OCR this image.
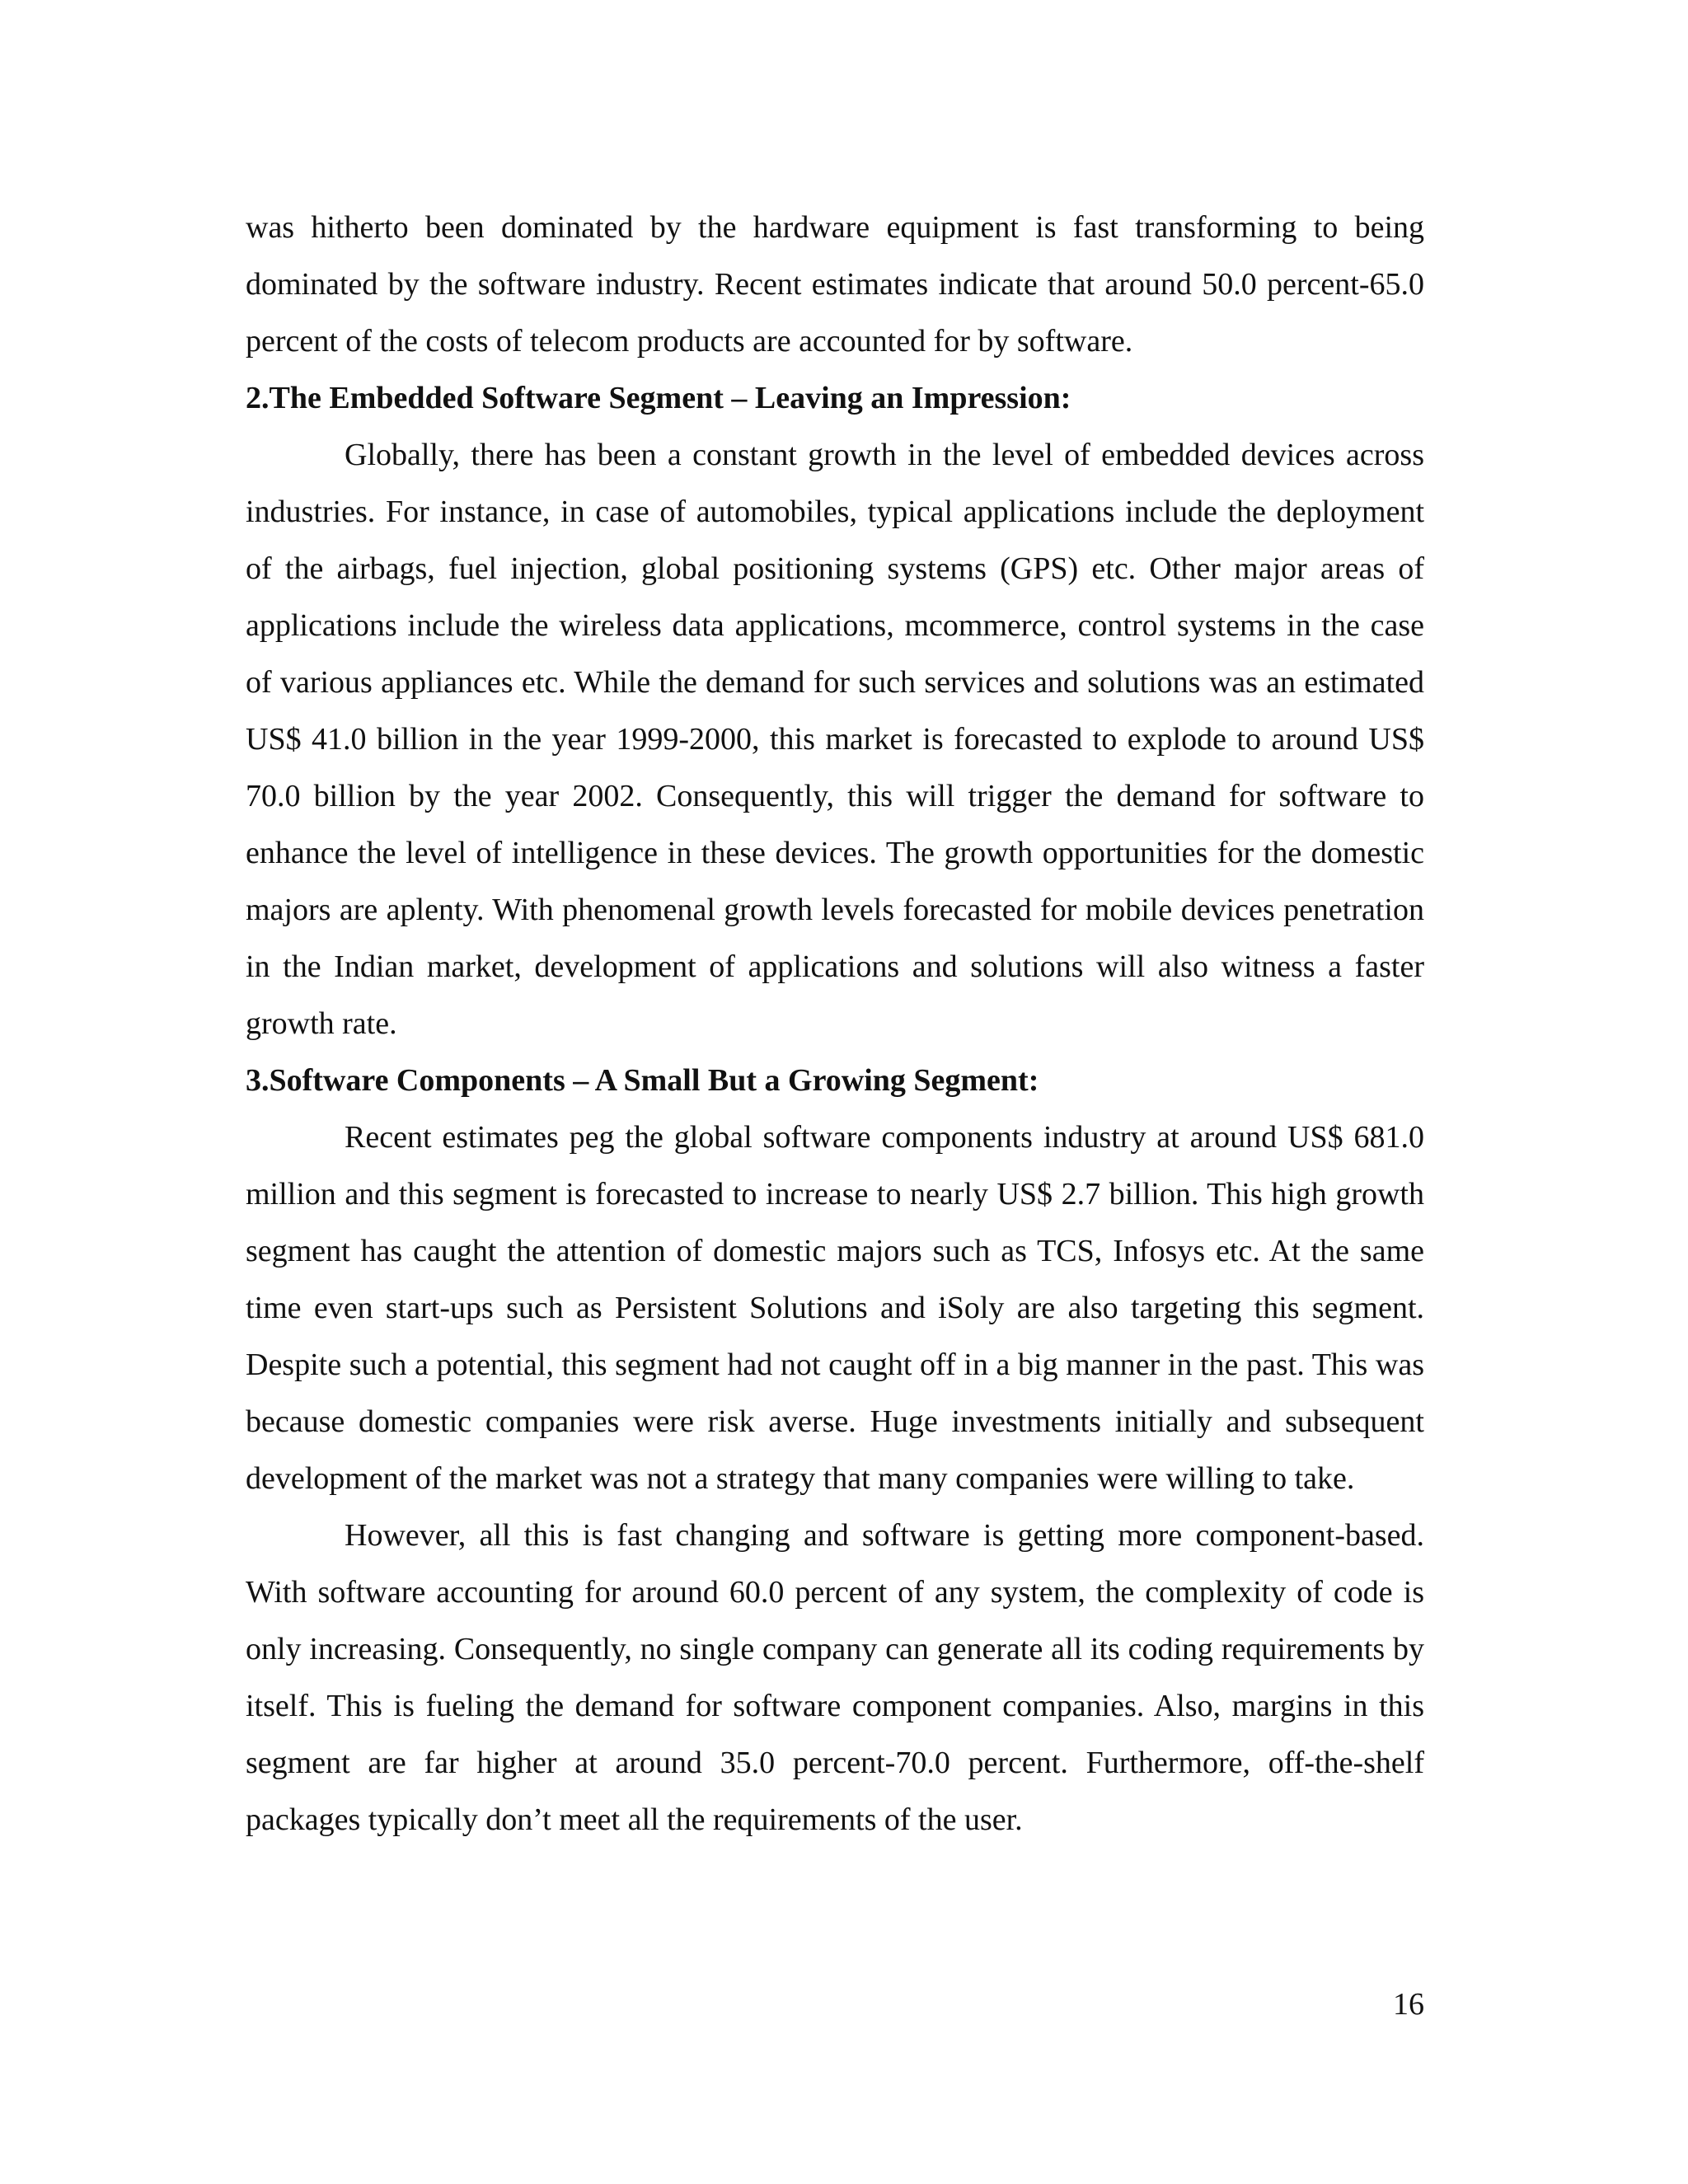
was hitherto been dominated by the hardware equipment is fast transforming to being dominated by the software industry. Recent estimates indicate that around 50.0 percent-65.0 percent of the costs of telecom products are accounted for by software.

2.The Embedded Software Segment – Leaving an Impression:

Globally, there has been a constant growth in the level of embedded devices across industries. For instance, in case of automobiles, typical applications include the deployment of the airbags, fuel injection, global positioning systems (GPS) etc. Other major areas of applications include the wireless data applications, mcommerce, control systems in the case of various appliances etc. While the demand for such services and solutions was an estimated US$ 41.0 billion in the year 1999-2000, this market is forecasted to explode to around US$ 70.0 billion by the year 2002. Consequently, this will trigger the demand for software to enhance the level of intelligence in these devices. The growth opportunities for the domestic majors are aplenty. With phenomenal growth levels forecasted for mobile devices penetration in the Indian market, development of applications and solutions will also witness a faster growth rate.

3.Software Components – A Small But a Growing Segment:

Recent estimates peg the global software components industry at around US$ 681.0 million and this segment is forecasted to increase to nearly US$ 2.7 billion. This high growth segment has caught the attention of domestic majors such as TCS, Infosys etc. At the same time even start-ups such as Persistent Solutions and iSoly are also targeting this segment. Despite such a potential, this segment had not caught off in a big manner in the past. This was because domestic companies were risk averse. Huge investments initially and subsequent development of the market was not a strategy that many companies were willing to take.

However, all this is fast changing and software is getting more component-based. With software accounting for around 60.0 percent of any system, the complexity of code is only increasing. Consequently, no single company can generate all its coding requirements by itself. This is fueling the demand for software component companies. Also, margins in this segment are far higher at around 35.0 percent-70.0 percent. Furthermore, off-the-shelf packages typically don’t meet all the requirements of the user.

16
